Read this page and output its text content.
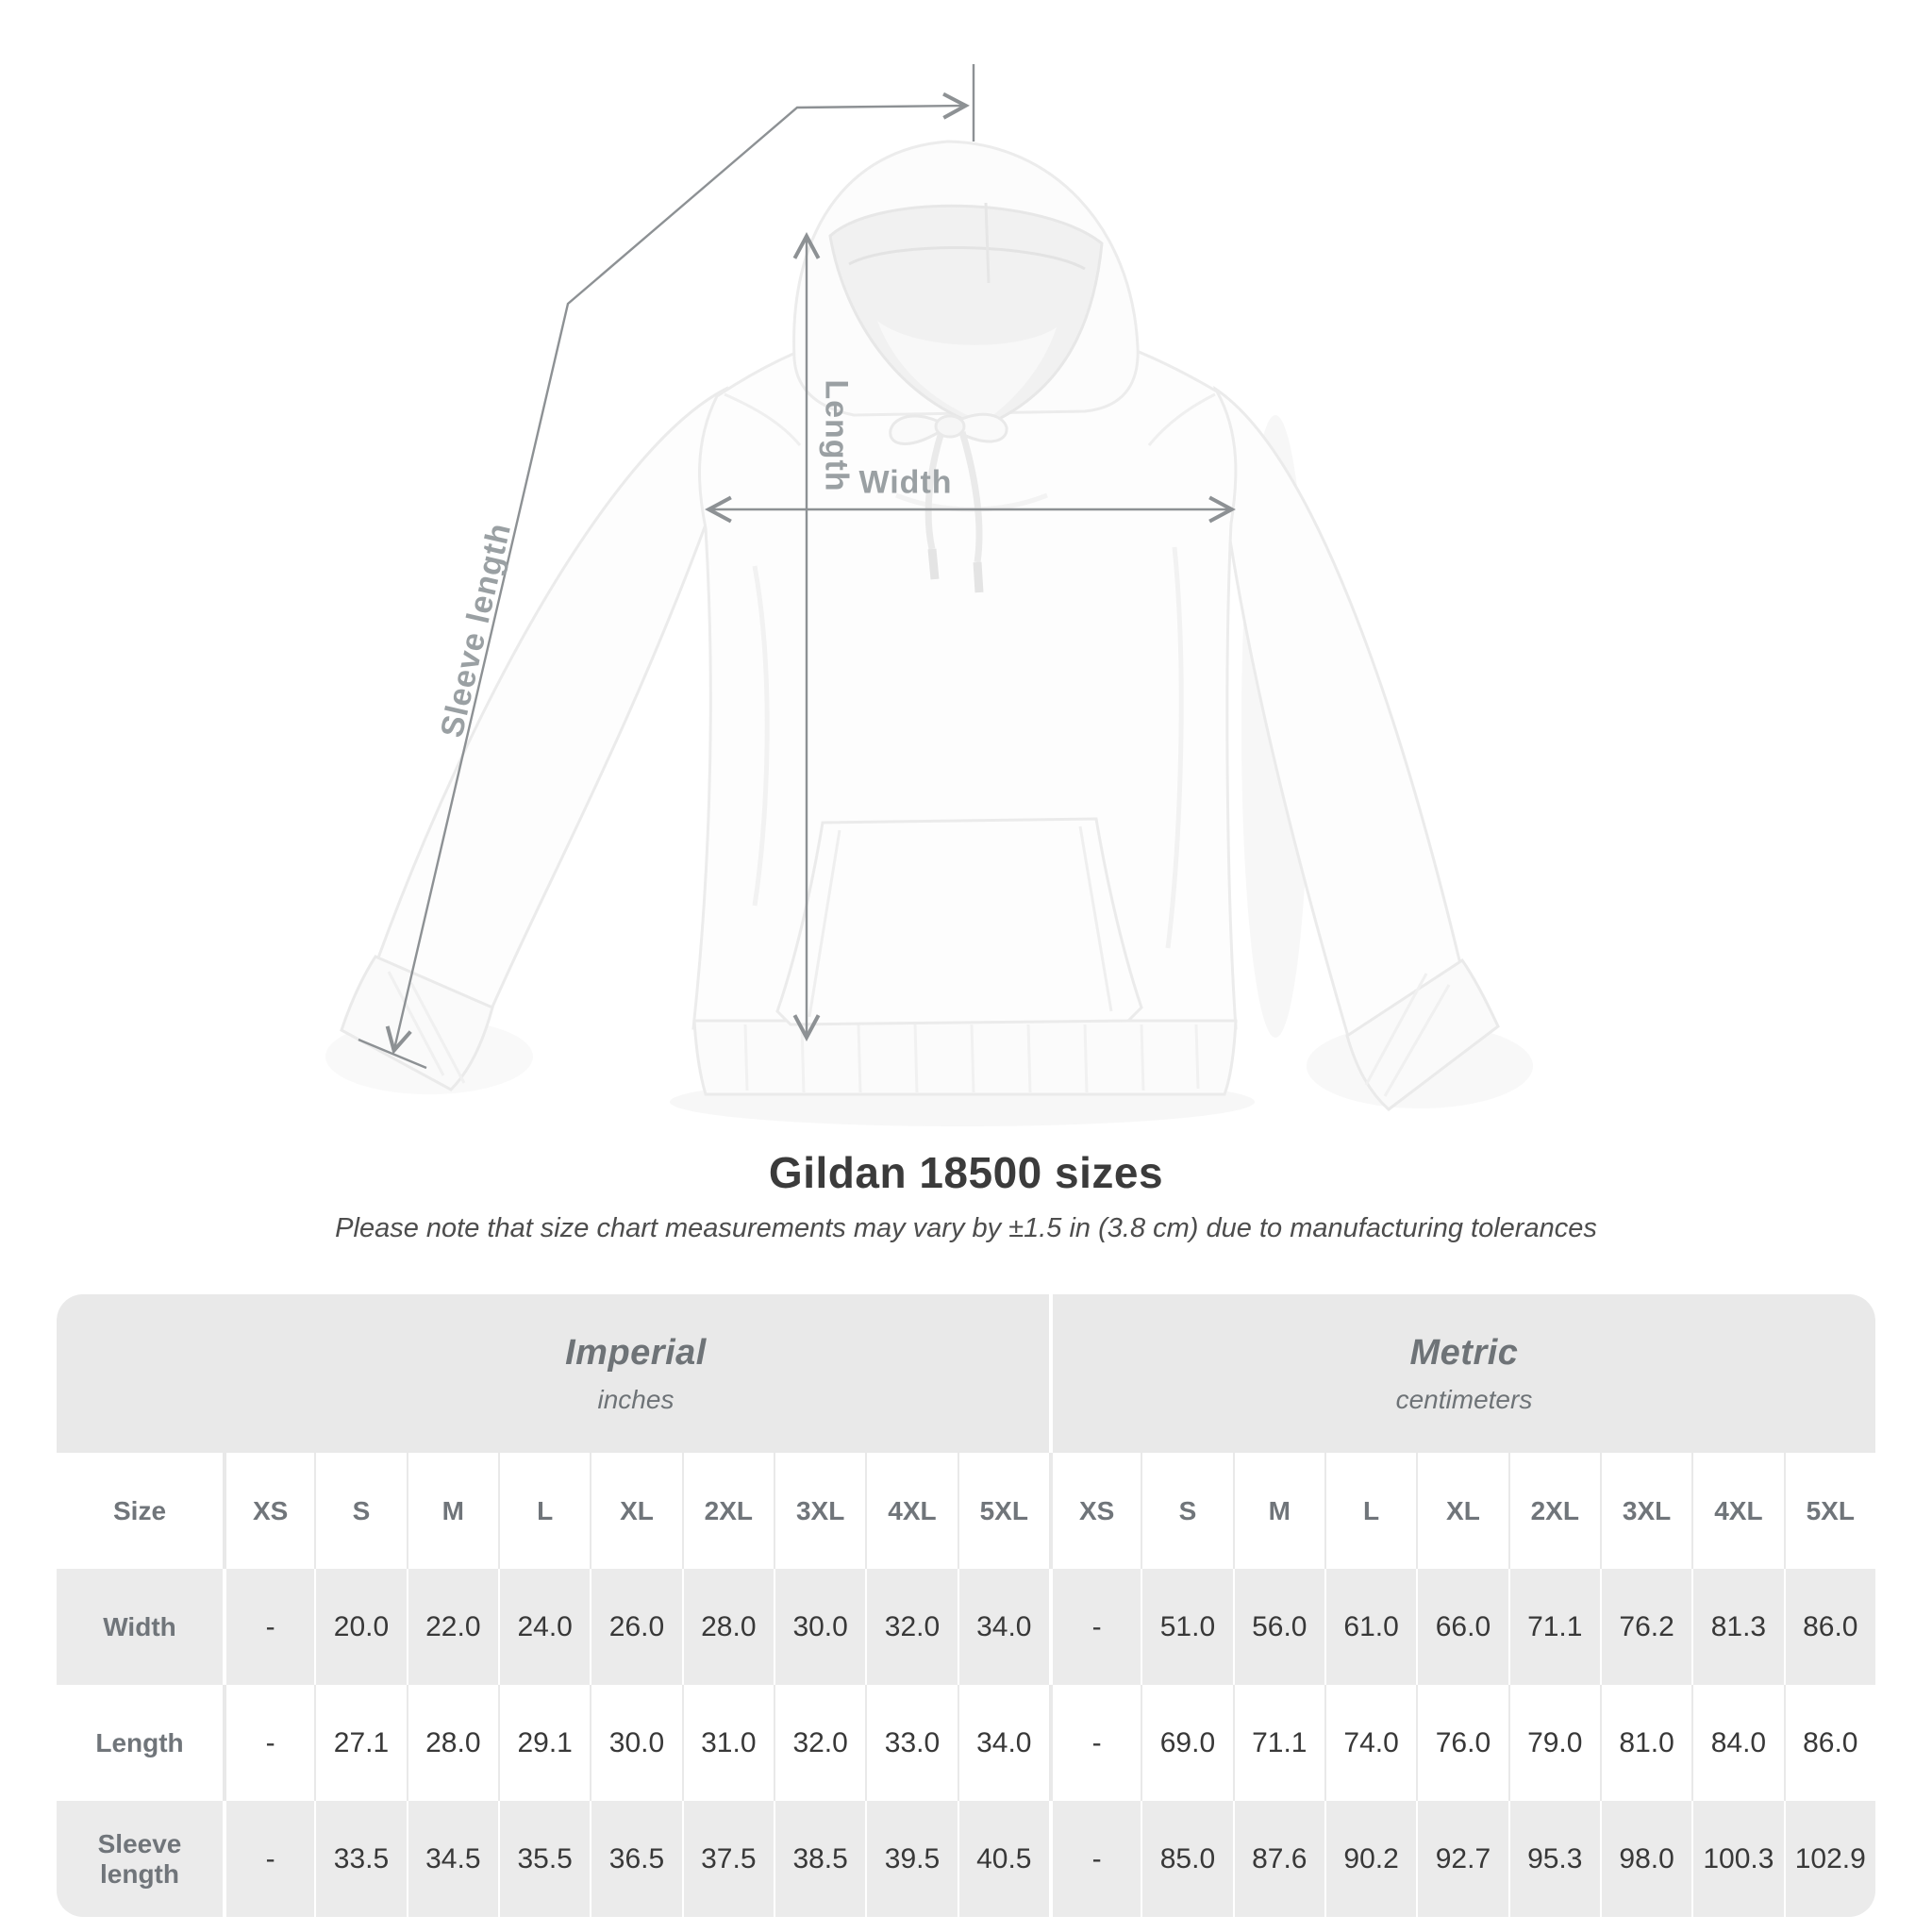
Sleeve length
Length Width
Gildan 18500 sizes
Please note that size chart measurements may vary by ±1.5 in (3.8 cm) due to manufacturing tolerances

Imperial
inches

Metric
centimeters

Size	XS	S	M	L	XL	2XL	3XL	4XL	5XL	XS	S	M	L	XL	2XL	3XL	4XL	5XL
Width	-	20.0	22.0	24.0	26.0	28.0	30.0	32.0	34.0	-	51.0	56.0	61.0	66.0	71.1	76.2	81.3	86.0
Length	-	27.1	28.0	29.1	30.0	31.0	32.0	33.0	34.0	-	69.0	71.1	74.0	76.0	79.0	81.0	84.0	86.0
Sleeve length	-	33.5	34.5	35.5	36.5	37.5	38.5	39.5	40.5	-	85.0	87.6	90.2	92.7	95.3	98.0	100.3	102.9
